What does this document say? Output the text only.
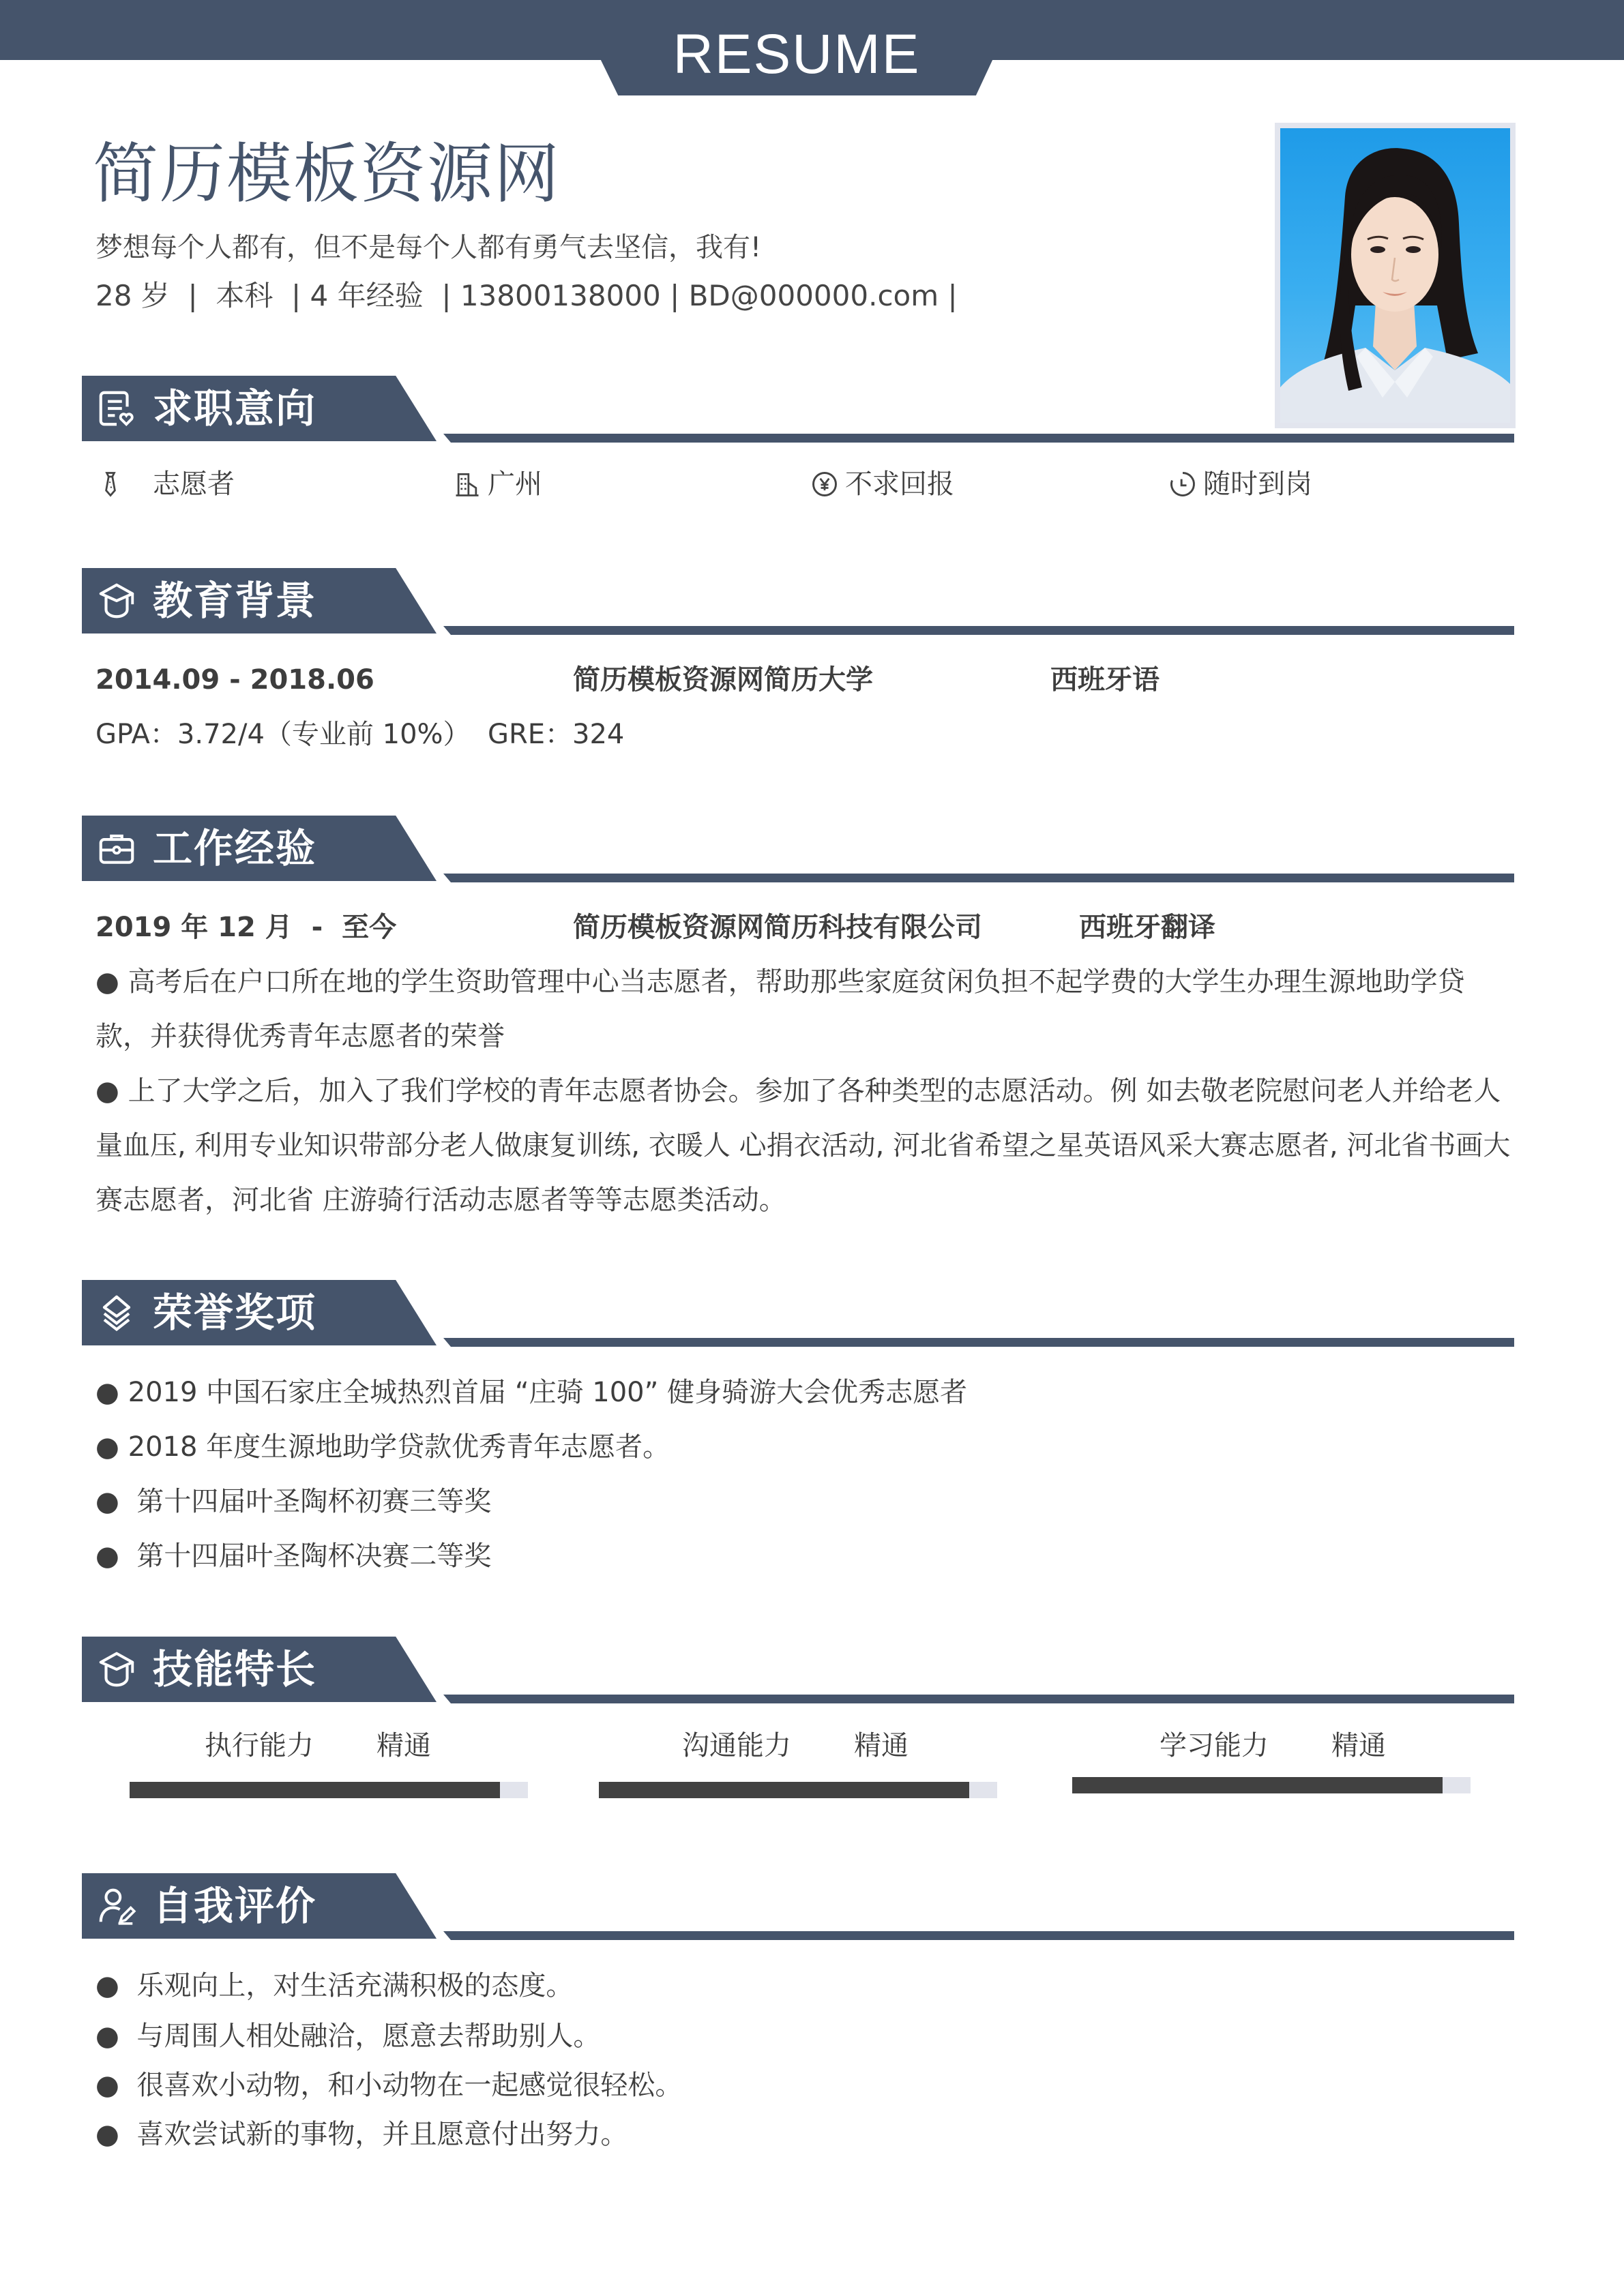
RESUME
简历模板资源网
梦想每个人都有，但不是每个人都有勇气去坚信，我有!
28 岁  |  本科  | 4 年经验  | 13800138000 | BD@000000.com |
求职意向
志愿者	广州	不求回报	随时到岗
教育背景
2014.09 - 2018.06	简历模板资源网简历大学	西班牙语
GPA：3.72/4（专业前 10%）  GRE：324
工作经验
2019 年 12 月  -  至今	简历模板资源网简历科技有限公司	西班牙翻译
● 高考后在户口所在地的学生资助管理中心当志愿者，帮助那些家庭贫闲负担不起学费的大学生办理生源地助学贷款，并获得优秀青年志愿者的荣誉
● 上了大学之后，加入了我们学校的青年志愿者协会。参加了各种类型的志愿活动。例 如去敬老院慰问老人并给老人量血压, 利用专业知识带部分老人做康复训练, 衣暖人 心捐衣活动, 河北省希望之星英语风采大赛志愿者, 河北省书画大赛志愿者，河北省 庄游骑行活动志愿者等等志愿类活动。
荣誉奖项
● 2019 中国石家庄全城热烈首届 “庄骑 100” 健身骑游大会优秀志愿者
● 2018 年度生源地助学贷款优秀青年志愿者。
●  第十四届叶圣陶杯初赛三等奖
●  第十四届叶圣陶杯决赛二等奖
技能特长
执行能力 精通	沟通能力 精通	学习能力 精通
自我评价
●  乐观向上，对生活充满积极的态度。
●  与周围人相处融洽，愿意去帮助别人。
●  很喜欢小动物，和小动物在一起感觉很轻松。
●  喜欢尝试新的事物，并且愿意付出努力。
